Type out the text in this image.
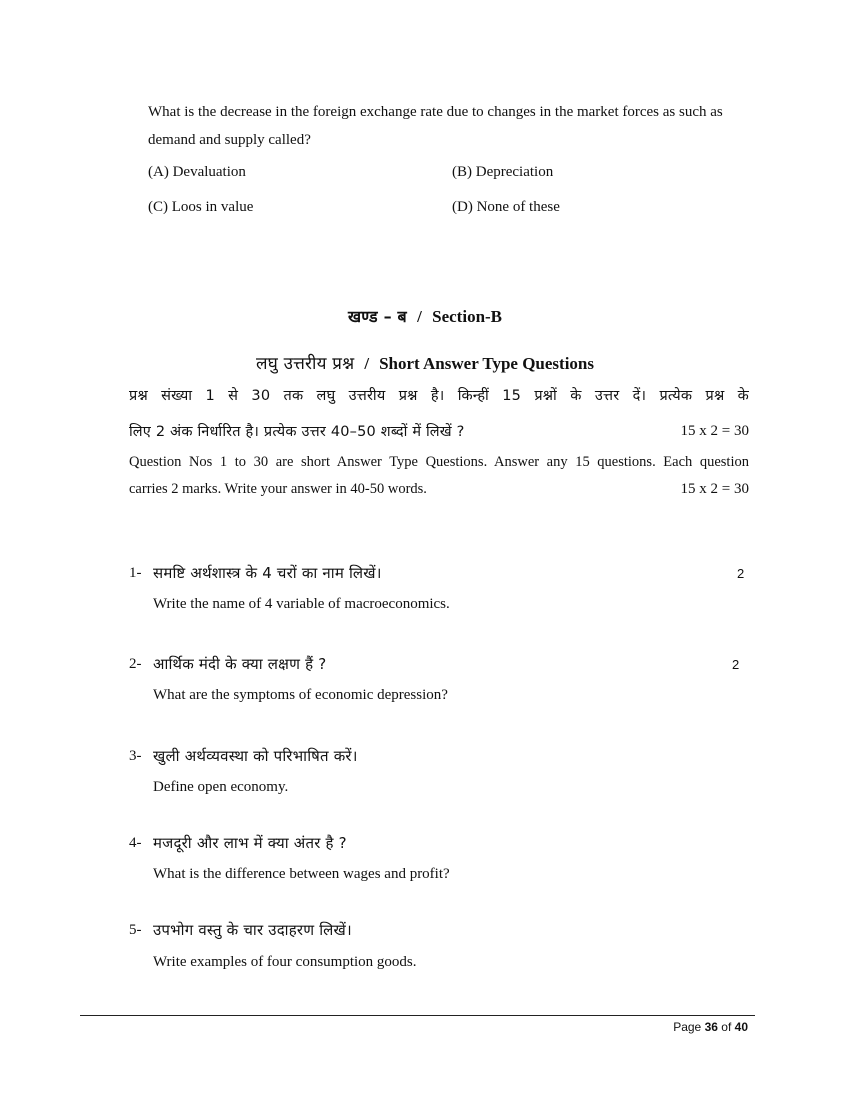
What is the decrease in the foreign exchange rate due to changes in the market forces as such as demand and supply called?
(A) Devaluation	(B) Depreciation
(C) Loos in value	(D) None of these
खण्ड – ब / Section-B
लघु उत्तरीय प्रश्न / Short Answer Type Questions
प्रश्न संख्या 1 से 30 तक लघु उत्तरीय प्रश्न है। किन्हीं 15 प्रश्नों के उत्तर दें। प्रत्येक प्रश्न के
लिए 2 अंक निर्धारित है। प्रत्येक उत्तर 40–50 शब्दों में लिखें ?	15 x 2 = 30
Question Nos 1 to 30 are short Answer Type Questions. Answer any 15 questions. Each question
carries 2 marks. Write your answer in 40-50 words.	15 x 2 = 30
1- समष्टि अर्थशास्त्र के 4 चरों का नाम लिखें।	2
Write the name of 4 variable of macroeconomics.
2- आर्थिक मंदी के क्या लक्षण हैं ?	2
What are the symptoms of economic depression?
3- खुली अर्थव्यवस्था को परिभाषित करें।
Define open economy.
4- मजदूरी और लाभ में क्या अंतर है ?
What is the difference between wages and profit?
5- उपभोग वस्तु के चार उदाहरण लिखें।
Write examples of four consumption goods.
Page 36 of 40
